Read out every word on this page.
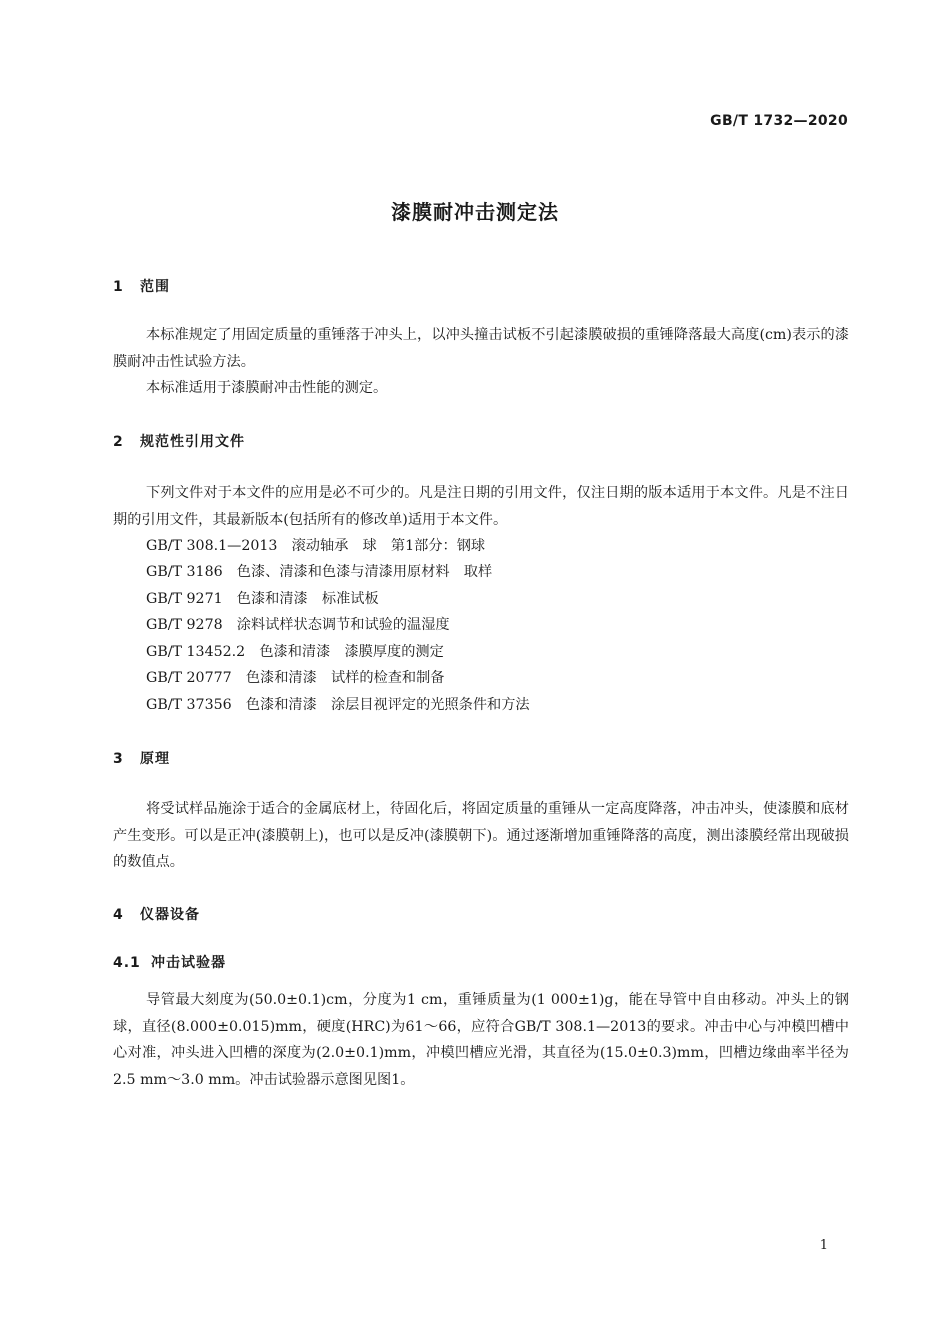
GB/T 1732—2020
漆膜耐冲击测定法
1 范围
本标准规定了用固定质量的重锤落于冲头上，以冲头撞击试板不引起漆膜破损的重锤降落最大高度(cm)表示的漆膜耐冲击性试验方法。
本标准适用于漆膜耐冲击性能的测定。
2 规范性引用文件
下列文件对于本文件的应用是必不可少的。凡是注日期的引用文件，仅注日期的版本适用于本文件。凡是不注日期的引用文件，其最新版本(包括所有的修改单)适用于本文件。
GB/T 308.1—2013　滚动轴承　球　第1部分：钢球
GB/T 3186　色漆、清漆和色漆与清漆用原材料　取样
GB/T 9271　色漆和清漆　标准试板
GB/T 9278　涂料试样状态调节和试验的温湿度
GB/T 13452.2　色漆和清漆　漆膜厚度的测定
GB/T 20777　色漆和清漆　试样的检查和制备
GB/T 37356　色漆和清漆　涂层目视评定的光照条件和方法
3 原理
将受试样品施涂于适合的金属底材上，待固化后，将固定质量的重锤从一定高度降落，冲击冲头，使漆膜和底材产生变形。可以是正冲(漆膜朝上)，也可以是反冲(漆膜朝下)。通过逐渐增加重锤降落的高度，测出漆膜经常出现破损的数值点。
4 仪器设备
4.1 冲击试验器
导管最大刻度为(50.0±0.1)cm，分度为1 cm，重锤质量为(1 000±1)g，能在导管中自由移动。冲头上的钢球，直径(8.000±0.015)mm，硬度(HRC)为61～66，应符合GB/T 308.1—2013的要求。冲击中心与冲模凹槽中心对准，冲头进入凹槽的深度为(2.0±0.1)mm，冲模凹槽应光滑，其直径为(15.0±0.3)mm，凹槽边缘曲率半径为2.5 mm～3.0 mm。冲击试验器示意图见图1。
1
